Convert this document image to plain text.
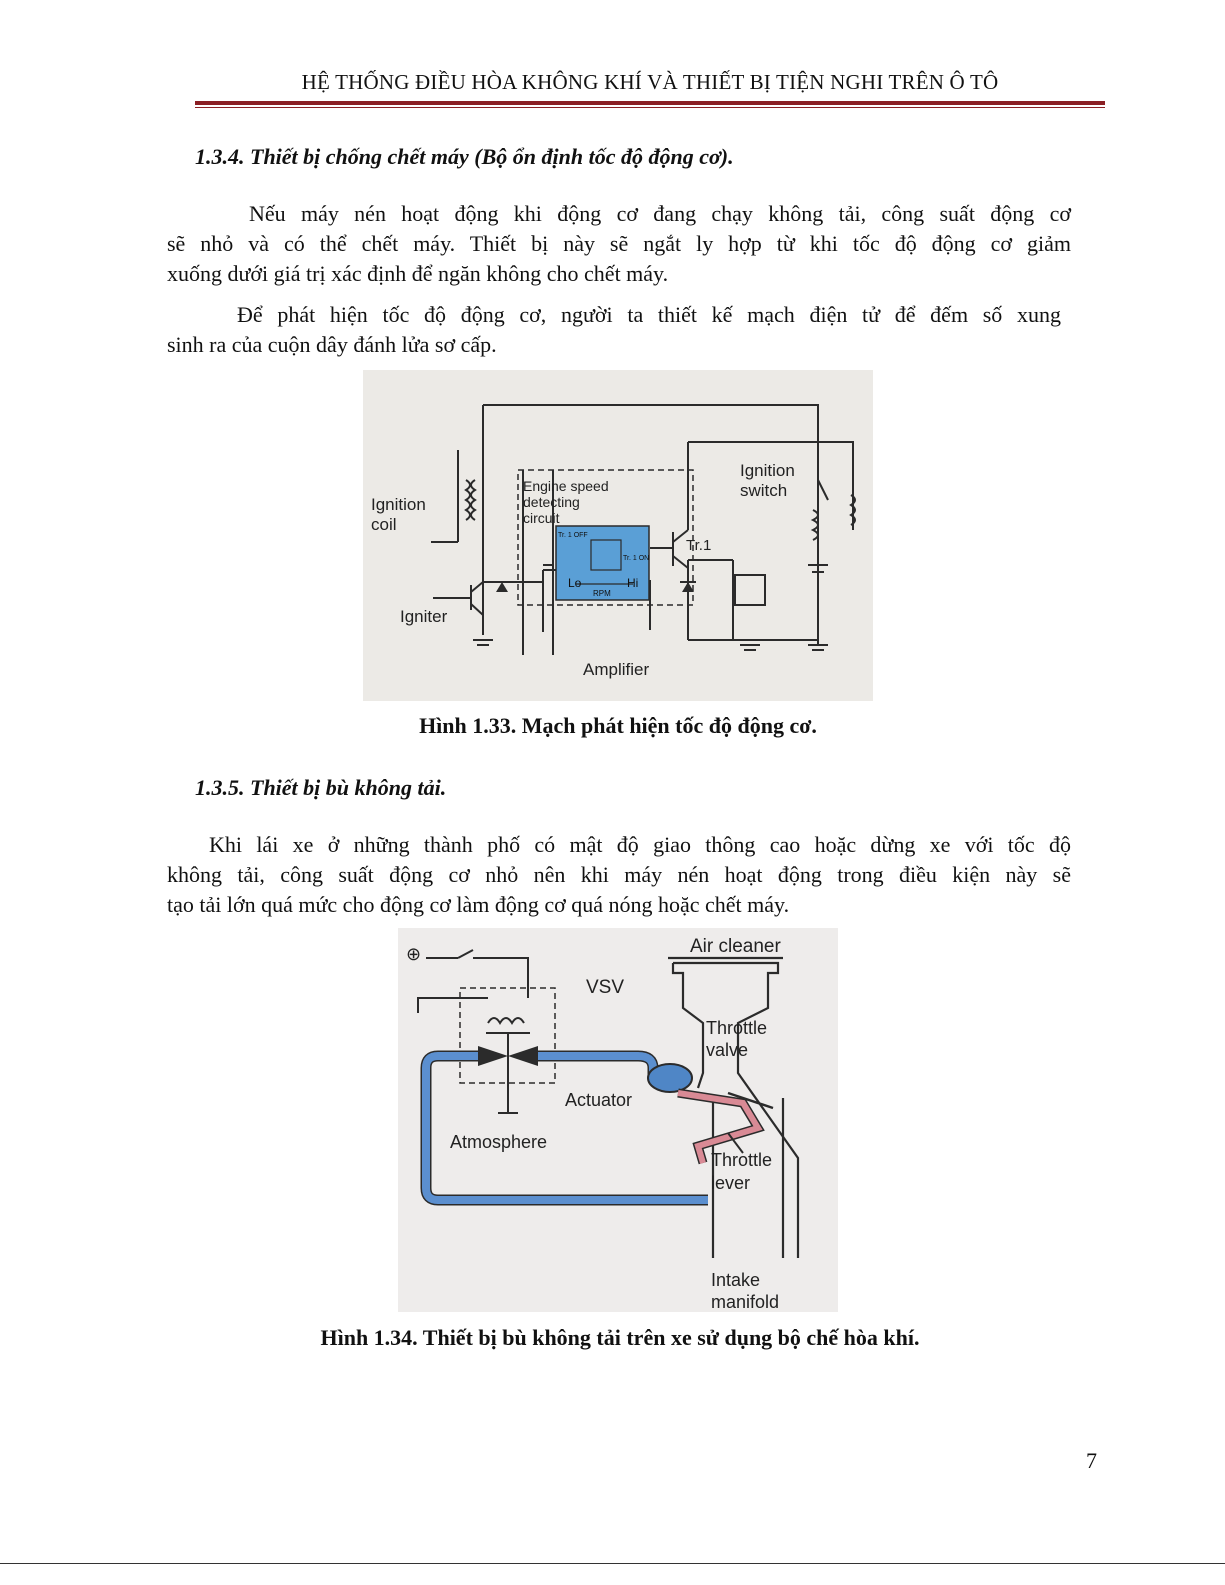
HỆ THỐNG ĐIỀU HÒA KHÔNG KHÍ VÀ THIẾT BỊ TIỆN NGHI TRÊN Ô TÔ
1.3.4. Thiết bị chống chết máy (Bộ ổn định tốc độ động cơ).
Nếu máy nén hoạt động khi động cơ đang chạy không tải, công suất động cơ
sẽ nhỏ và có thể chết máy. Thiết bị này sẽ ngắt ly hợp từ khi tốc độ động cơ giảm
xuống dưới giá trị xác định để ngăn không cho chết máy.
Để phát hiện tốc độ động cơ, người ta thiết kế mạch điện tử để đếm số xung
sinh ra của cuộn dây đánh lửa sơ cấp.
Ignition
coil
Engine speed
detecting
circuit
Ignition
switch
Tr.1
Igniter
Amplifier
Tr. 1 OFF
Tr. 1 ON
Lo	Hi
RPM
Hình 1.33. Mạch phát hiện tốc độ động cơ.
1.3.5. Thiết bị bù không tải.
Khi lái xe ở những thành phố có mật độ giao thông cao hoặc dừng xe với tốc độ
không tải, công suất động cơ nhỏ nên khi máy nén hoạt động trong điều kiện này sẽ
tạo tải lớn quá mức cho động cơ làm động cơ quá nóng hoặc chết máy.
⊕	Air cleaner
VSV
Throttle
valve
Actuator
Atmosphere
Throttle
lever
Intake
manifold
Hình 1.34. Thiết bị bù không tải trên xe sử dụng bộ chế hòa khí.
7
